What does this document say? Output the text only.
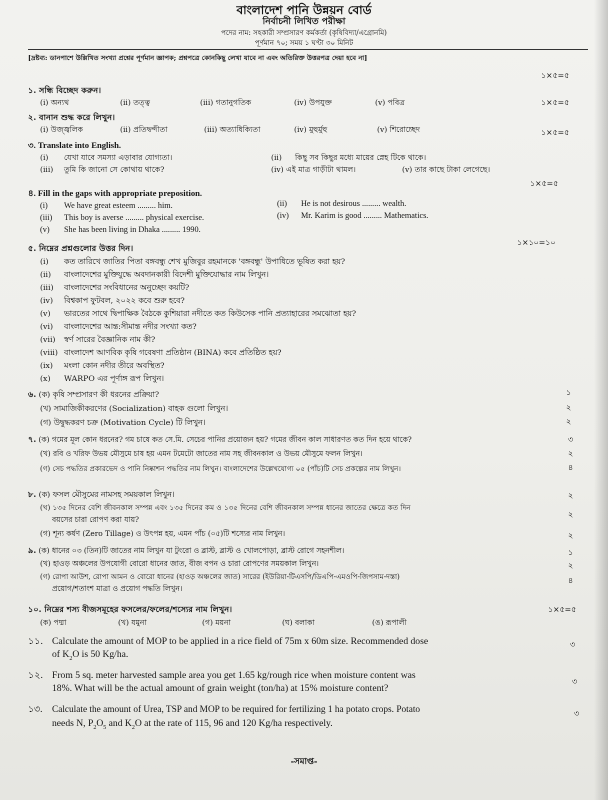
বাংলাদেশ পানি উন্নয়ন বোর্ড
নির্বাচনী লিখিত পরীক্ষা
পদের নাম: সহকারী সম্প্রসারণ কর্মকর্তা (কৃষিবিদ্যা/এগ্রোনমি)
পূর্ণমান ৭০; সময় ১ ঘণ্টা ৩০ মিনিট
[দ্রষ্টব্য: ডানপাশে উল্লিখিত সংখ্যা প্রশ্নের পূর্ণমান জ্ঞাপক; প্রশ্নপত্রে কোনকিছু লেখা যাবে না এবং অতিরিক্ত উত্তরপত্র দেয়া হবে না]
১×৫=৫
১. সন্ধি বিচ্ছেদ করুন।
(i) অন্যথ	(ii) তত্ত্ব	(iii) গতানুগতিক	(iv) উপযুক্ত	(v) পবিত্র	১×৫=৫
২. বানান শুদ্ধ করে লিখুন।
(i) উজ্জ্বলিক	(ii) প্রতিদ্বন্দীতা	(iii) অত্যাধিক্যিতা	(iv) মুহুর্মুহু	(v) শিরোচ্ছেদ	১×৫=৫
৩. Translate into English.
(i) যেখা যাবে সমস্যা এড়াবার যোগ্যতা।	(ii) কিছু সব কিছুর মধ্যে মায়ের স্নেহ টিকে থাকে।
(iii) তুমি কি জানো সে কোথায় থাকে?	(iv) এই মাত্র গাড়ীটা থামল।	(v) তার কাছে টাকা লেগেছে।
১×৫=৫
৪. Fill in the gaps with appropriate preposition.
(i) We have great esteem ......... him.	(ii) He is not desirous ......... wealth.
(iii) This boy is averse ......... physical exercise.	(iv) Mr. Karim is good ......... Mathematics.
(v) She has been living in Dhaka ......... 1990.
১×১০=১০
৫. নিম্নের প্রশ্নগুলোর উত্তর দিন।
(i) কত তারিখে জাতির পিতা বঙ্গবন্ধু শেখ মুজিবুর রহমানকে 'বঙ্গবন্ধু' উপাধিতে ভূষিত করা হয়?
(ii) বাংলাদেশের মুক্তিযুদ্ধে অবদানকারী বিদেশী মুক্তিযোদ্ধার নাম লিখুন।
(iii) বাংলাদেশের সংবিধানের অনুচ্ছেদ কয়টি?
(iv) বিশ্বকাপ ফুটবল, ২০২২ কবে শুরু হবে?
(v) ভারতের সাথে দ্বিপাক্ষিক বৈঠকে কুশিয়ারা নদীতে কত কিউসেক পানি প্রত্যাহারের সমঝোতা হয়?
(vi) বাংলাদেশের আন্ত:সীমান্ত নদীর সংখ্যা কত?
(vii) স্বর্ণ সারের বৈজ্ঞানিক নাম কী?
(viii) বাংলাদেশ আণবিক কৃষি গবেষণা প্রতিষ্ঠান (BINA) কবে প্রতিষ্ঠিত হয়?
(ix) মংলা কোন নদীর তীরে অবস্থিত?
(x) WARPO এর পূর্ণাঙ্গ রূপ লিখুন।
৬. (ক) কৃষি সম্প্রসারণ কী ধরনের প্রক্রিয়া?	১
(খ) সামাজিকীকরণের (Socialization) বাহক গুলো লিখুন।	২
(গ) উদ্বুদ্ধকরণ চক্র (Motivation Cycle) টি লিখুন।	২
৭. (ক) গমের মূল কোন ধরনের? গম চাষে কত সে.মি. সেচের পানির প্রয়োজন হয়? গমের জীবন কাল সাধারণত কত দিন হয়ে থাকে?	৩
(খ) রবি ও খরিফ উভয় মৌসুমে চাষ হয় এমন টমেটো জাতের নাম সহ জীবনকাল ও উভয় মৌসুমে ফলন লিখুন।	২
(গ) সেচ পদ্ধতির প্রকারভেদ ও পানি নিষ্কাশন পদ্ধতির নাম লিখুন। বাংলাদেশের উল্লেখযোগ্য ০৫ (পাঁচ)টি সেচ প্রকল্পের নাম লিখুন।	৪
৮. (ক) ফসল মৌসুমের নামসহ সময়কাল লিখুন।	২
(খ) ১৩৫ দিনের বেশি জীবনকাল সম্পন্ন এবং ১৩৫ দিনের কম ও ১৩৫ দিনের বেশি জীবনকাল সম্পন্ন ধানের জাতের ক্ষেত্রে কত দিন
বয়সের চারা রোপণ করা যায়?
২
(গ) শূন্য কর্ষণ (Zero Tillage) ও উৎপন্ন হয়, এমন পাঁচ (০৫)টি শস্যের নাম লিখুন।	২
৯. (ক) ধানের ০৩ (তিন)টি জাতের নাম লিখুন যা টুংরো ও ব্লাস্ট, ব্লাস্ট ও খোলপোড়া, ব্লাস্ট রোগে সহনশীল।	১
(খ) হাওড় অঞ্চলের উপযোগী বোরো ধানের জাত, বীজ বপন ও চারা রোপণের সময়কাল লিখুন।	২
(গ) রোপা আউশ, রোপা আমন ও বোরো ধানের (হাওড় অঞ্চলের জাত) সারের (ইউরিয়া-টিএসপি/ডিএপি-এমওপি-জিপসাম-দস্তা)
প্রয়োগ/শতাংশ মাত্রা ও প্রয়োগ পদ্ধতি লিখুন।
৪
১০. নিম্নের শস্য বীজসমূহের ফসলের/ফলের/শস্যের নাম লিখুন।	১×৫=৫
(ক) পদ্মা	(খ) যমুনা	(গ) ময়না	(ঘ) বলাকা	(ঙ) রূপালী
১১. Calculate the amount of MOP to be applied in a rice field of 75m x 60m size. Recommended dose
of $K_2O$ is 50 Kg/ha.
৩
১২. From 5 sq. meter harvested sample area you get 1.65 kg/rough rice when moisture content was
18%. What will be the actual amount of grain weight (ton/ha) at 15% moisture content?
৩
১৩. Calculate the amount of Urea, TSP and MOP to be required for fertilizing 1 ha potato crops. Potato
needs N, $P_2O_5$ and $K_2O$ at the rate of 115, 96 and 120 Kg/ha respectively.
৩
-সমাপ্ত-
